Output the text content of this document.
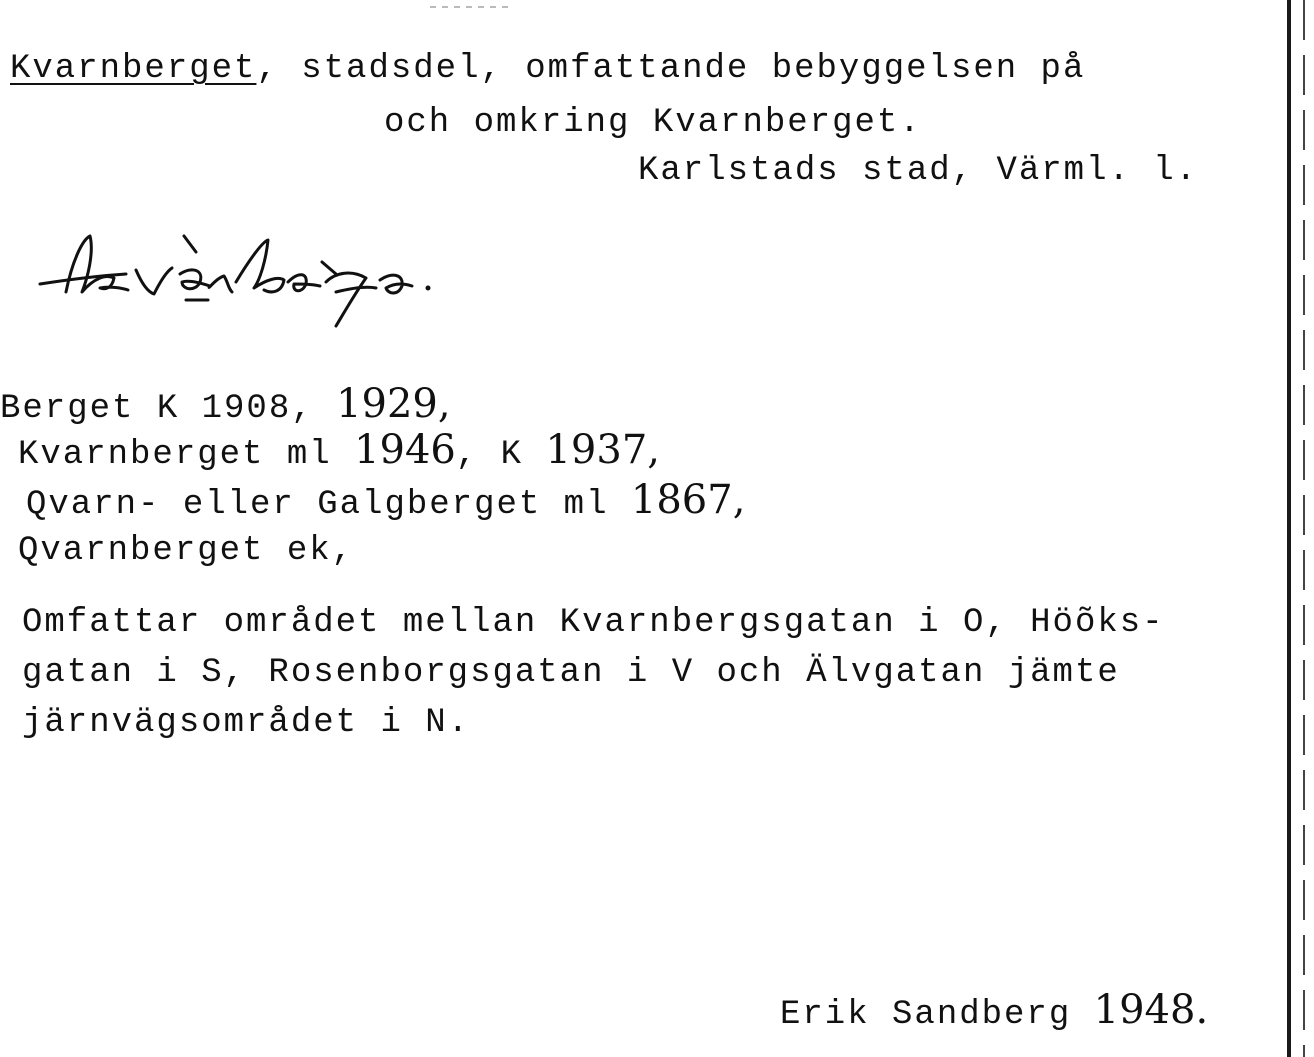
Kvarnberget, stadsdel, omfattande bebyggelsen på
och omkring Kvarnberget.
Karlstads stad, Värml. l.
Berget K 1908, 1929,
Kvarnberget ml 1946, K 1937,
Qvarn- eller Galgberget ml 1867,
Qvarnberget ek,
Omfattar området mellan Kvarnbergsgatan i O, Höõks-
gatan i S, Rosenborgsgatan i V och Älvgatan jämte
järnvägsområdet i N.
Erik Sandberg 1948.
